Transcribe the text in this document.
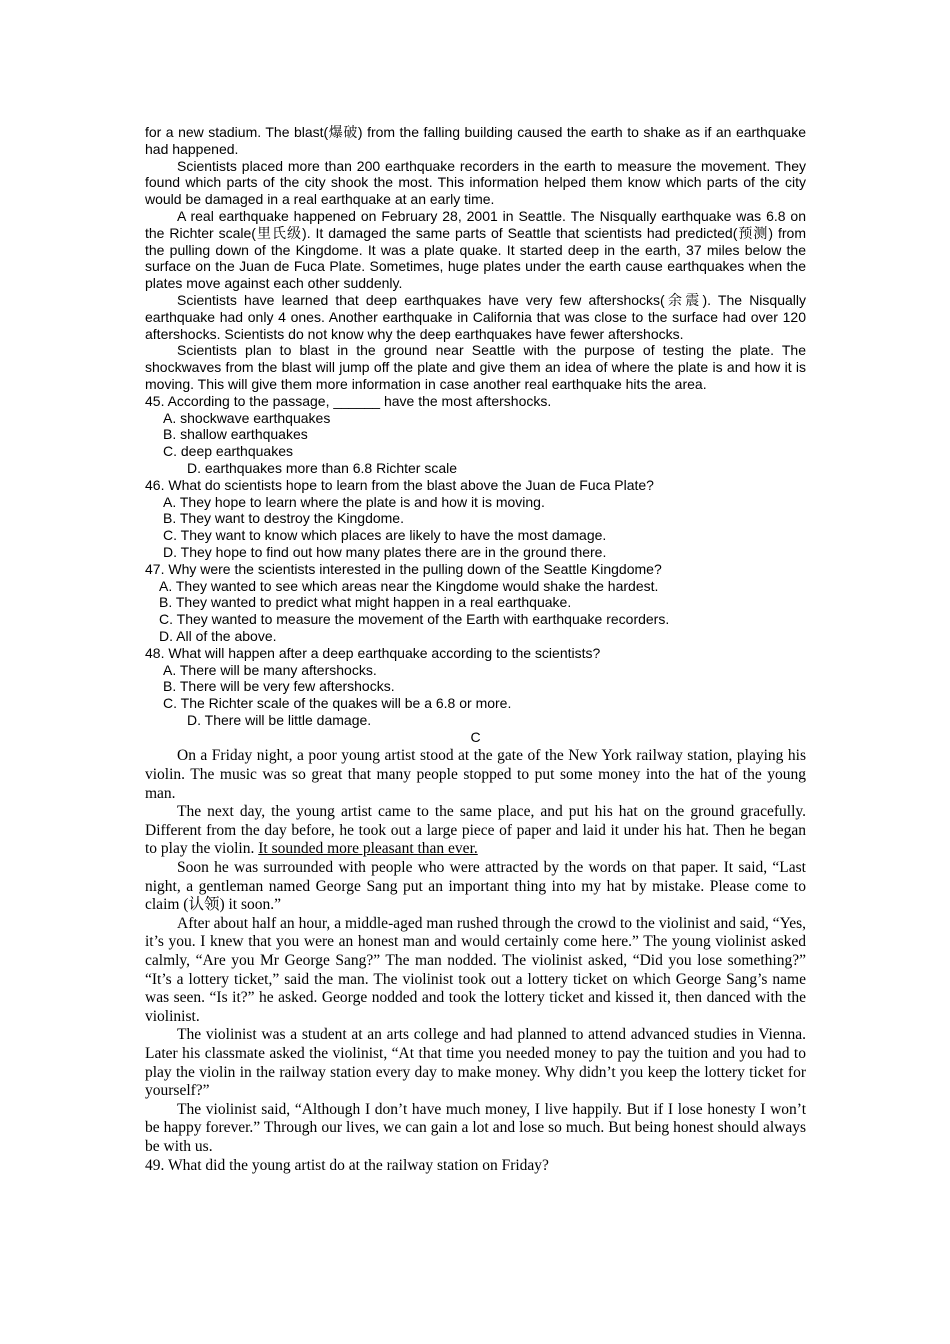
for a new stadium. The blast(爆破) from the falling building caused the earth to shake as if an earthquake had happened.

Scientists placed more than 200 earthquake recorders in the earth to measure the movement. They found which parts of the city shook the most. This information helped them know which parts of the city would be damaged in a real earthquake at an early time.

A real earthquake happened on February 28, 2001 in Seattle. The Nisqually earthquake was 6.8 on the Richter scale(里氏级). It damaged the same parts of Seattle that scientists had predicted(预测) from the pulling down of the Kingdome. It was a plate quake. It started deep in the earth, 37 miles below the surface on the Juan de Fuca Plate. Sometimes, huge plates under the earth cause earthquakes when the plates move against each other suddenly.

Scientists have learned that deep earthquakes have very few aftershocks(余震). The Nisqually earthquake had only 4 ones. Another earthquake in California that was close to the surface had over 120 aftershocks. Scientists do not know why the deep earthquakes have fewer aftershocks.

Scientists plan to blast in the ground near Seattle with the purpose of testing the plate. The shockwaves from the blast will jump off the plate and give them an idea of where the plate is and how it is moving. This will give them more information in case another real earthquake hits the area.

45. According to the passage, ______ have the most aftershocks.

A. shockwave earthquakes

B. shallow earthquakes

C. deep earthquakes

D. earthquakes more than 6.8 Richter scale

46. What do scientists hope to learn from the blast above the Juan de Fuca Plate?

A. They hope to learn where the plate is and how it is moving.

B. They want to destroy the Kingdome.

C. They want to know which places are likely to have the most damage.

D. They hope to find out how many plates there are in the ground there.

47. Why were the scientists interested in the pulling down of the Seattle Kingdome?

A. They wanted to see which areas near the Kingdome would shake the hardest.

B. They wanted to predict what might happen in a real earthquake.

C. They wanted to measure the movement of the Earth with earthquake recorders.

D. All of the above.

48. What will happen after a deep earthquake according to the scientists?

A. There will be many aftershocks.

B. There will be very few aftershocks.

C. The Richter scale of the quakes will be a 6.8 or more.

D. There will be little damage.

C

On a Friday night, a poor young artist stood at the gate of the New York railway station, playing his violin. The music was so great that many people stopped to put some money into the hat of the young man.

The next day, the young artist came to the same place, and put his hat on the ground gracefully. Different from the day before, he took out a large piece of paper and laid it under his hat. Then he began to play the violin. It sounded more pleasant than ever.

Soon he was surrounded with people who were attracted by the words on that paper. It said, “Last night, a gentleman named George Sang put an important thing into my hat by mistake. Please come to claim (认领) it soon.”

After about half an hour, a middle-aged man rushed through the crowd to the violinist and said, “Yes, it’s you. I knew that you were an honest man and would certainly come here.” The young violinist asked calmly, “Are you Mr George Sang?” The man nodded. The violinist asked, “Did you lose something?” “It’s a lottery ticket,” said the man. The violinist took out a lottery ticket on which George Sang’s name was seen. “Is it?” he asked. George nodded and took the lottery ticket and kissed it, then danced with the violinist.

The violinist was a student at an arts college and had planned to attend advanced studies in Vienna. Later his classmate asked the violinist, “At that time you needed money to pay the tuition and you had to play the violin in the railway station every day to make money. Why didn’t you keep the lottery ticket for yourself?”

The violinist said, “Although I don’t have much money, I live happily. But if I lose honesty I won’t be happy forever.” Through our lives, we can gain a lot and lose so much. But being honest should always be with us.

49. What did the young artist do at the railway station on Friday?
